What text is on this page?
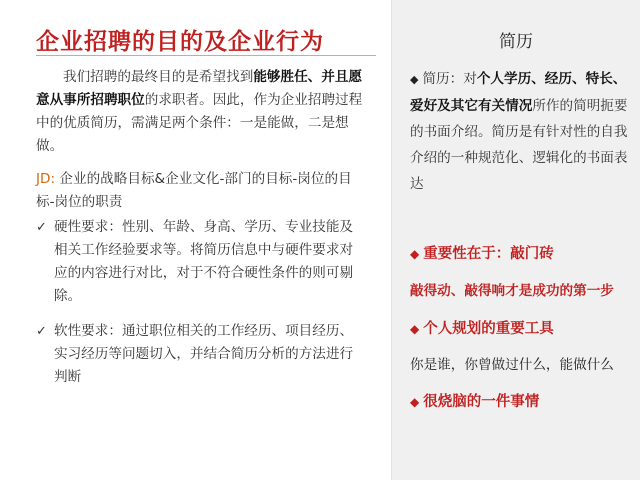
企业招聘的目的及企业行为
我们招聘的最终目的是希望找到能够胜任、并且愿意从事所招聘职位的求职者。因此，作为企业招聘过程中的优质简历，需满足两个条件：一是能做，二是想做。
JD: 企业的战略目标&企业文化-部门的目标-岗位的目标-岗位的职责
✓ 硬性要求：性别、年龄、身高、学历、专业技能及相关工作经验要求等。将简历信息中与硬件要求对应的内容进行对比，对于不符合硬性条件的则可剔除。
✓ 软性要求：通过职位相关的工作经历、项目经历、实习经历等问题切入，并结合简历分析的方法进行判断
简历
◆ 简历：对个人学历、经历、特长、爱好及其它有关情况所作的简明扼要的书面介绍。简历是有针对性的自我介绍的一种规范化、逻辑化的书面表达
◆ 重要性在于：敲门砖
敲得动、敲得响才是成功的第一步
◆ 个人规划的重要工具
你是谁，你曾做过什么，能做什么
◆ 很烧脑的一件事情
